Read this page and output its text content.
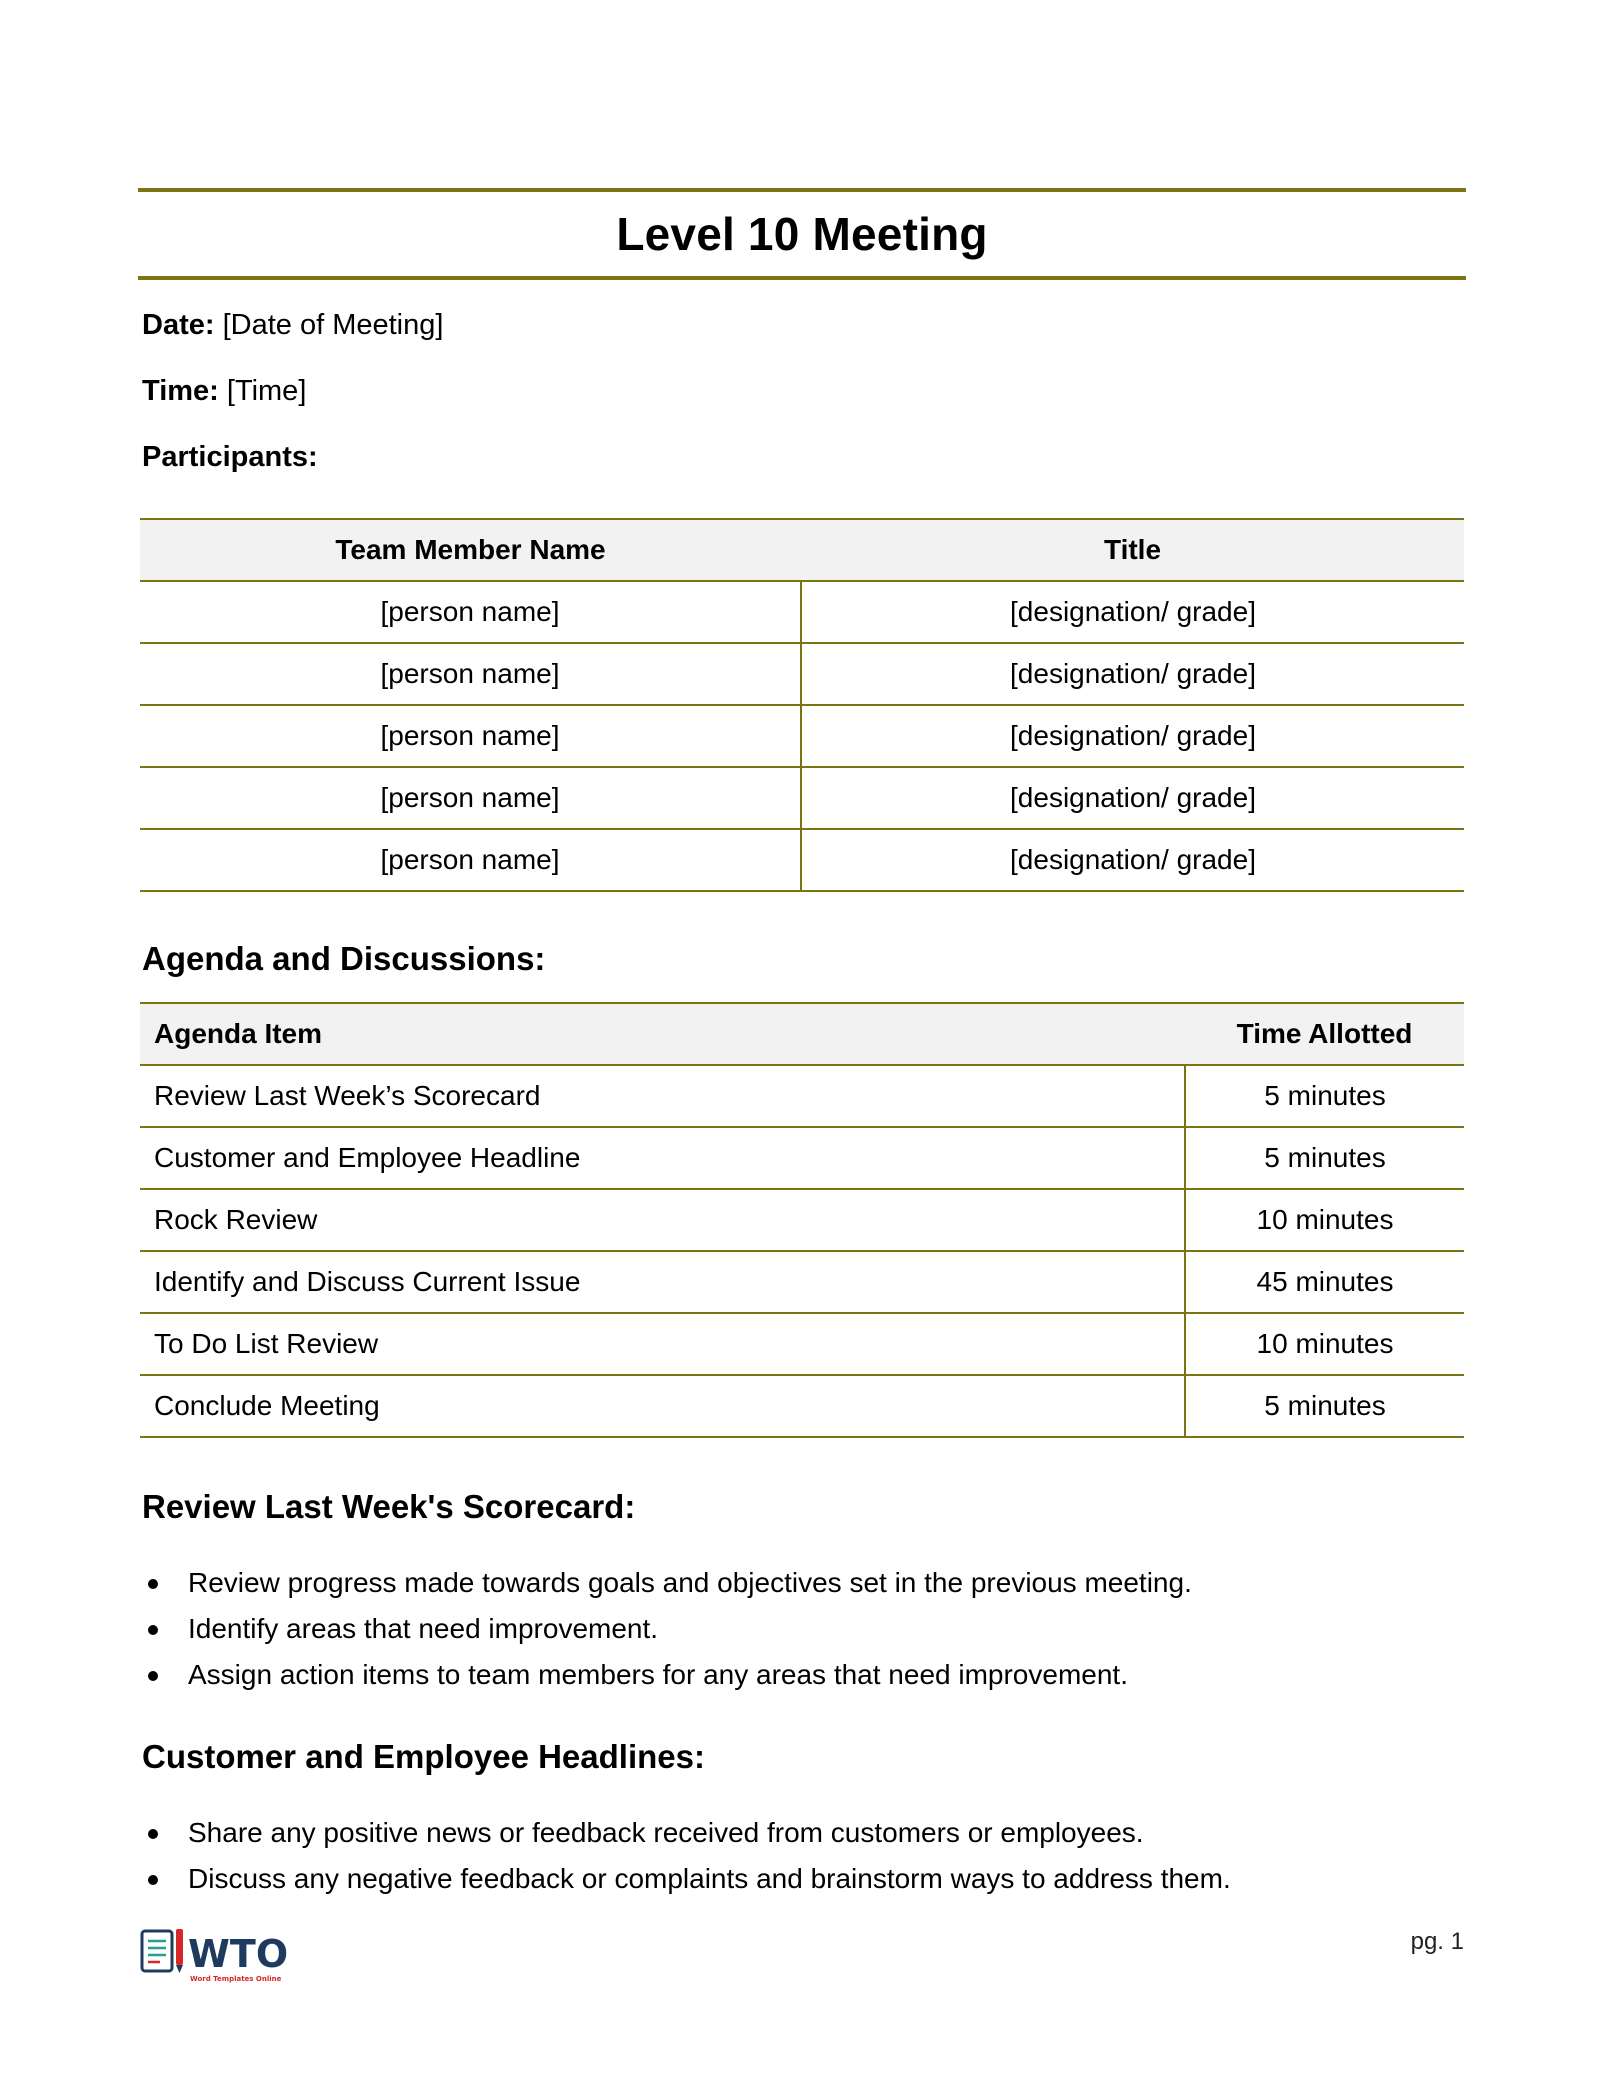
Level 10 Meeting

Date: [Date of Meeting]

Time: [Time]

Participants:

Team Member Name	Title
[person name]	[designation/ grade]
[person name]	[designation/ grade]
[person name]	[designation/ grade]
[person name]	[designation/ grade]
[person name]	[designation/ grade]
Agenda and Discussions:
Agenda Item	Time Allotted
Review Last Week’s Scorecard	5 minutes
Customer and Employee Headline	5 minutes
Rock Review	10 minutes
Identify and Discuss Current Issue	45 minutes
To Do List Review	10 minutes
Conclude Meeting	5 minutes
Review Last Week's Scorecard:
Review progress made towards goals and objectives set in the previous meeting.
Identify areas that need improvement.
Assign action items to team members for any areas that need improvement.
Customer and Employee Headlines:
Share any positive news or feedback received from customers or employees.
Discuss any negative feedback or complaints and brainstorm ways to address them.
WTO
Word Templates Online
pg. 1
